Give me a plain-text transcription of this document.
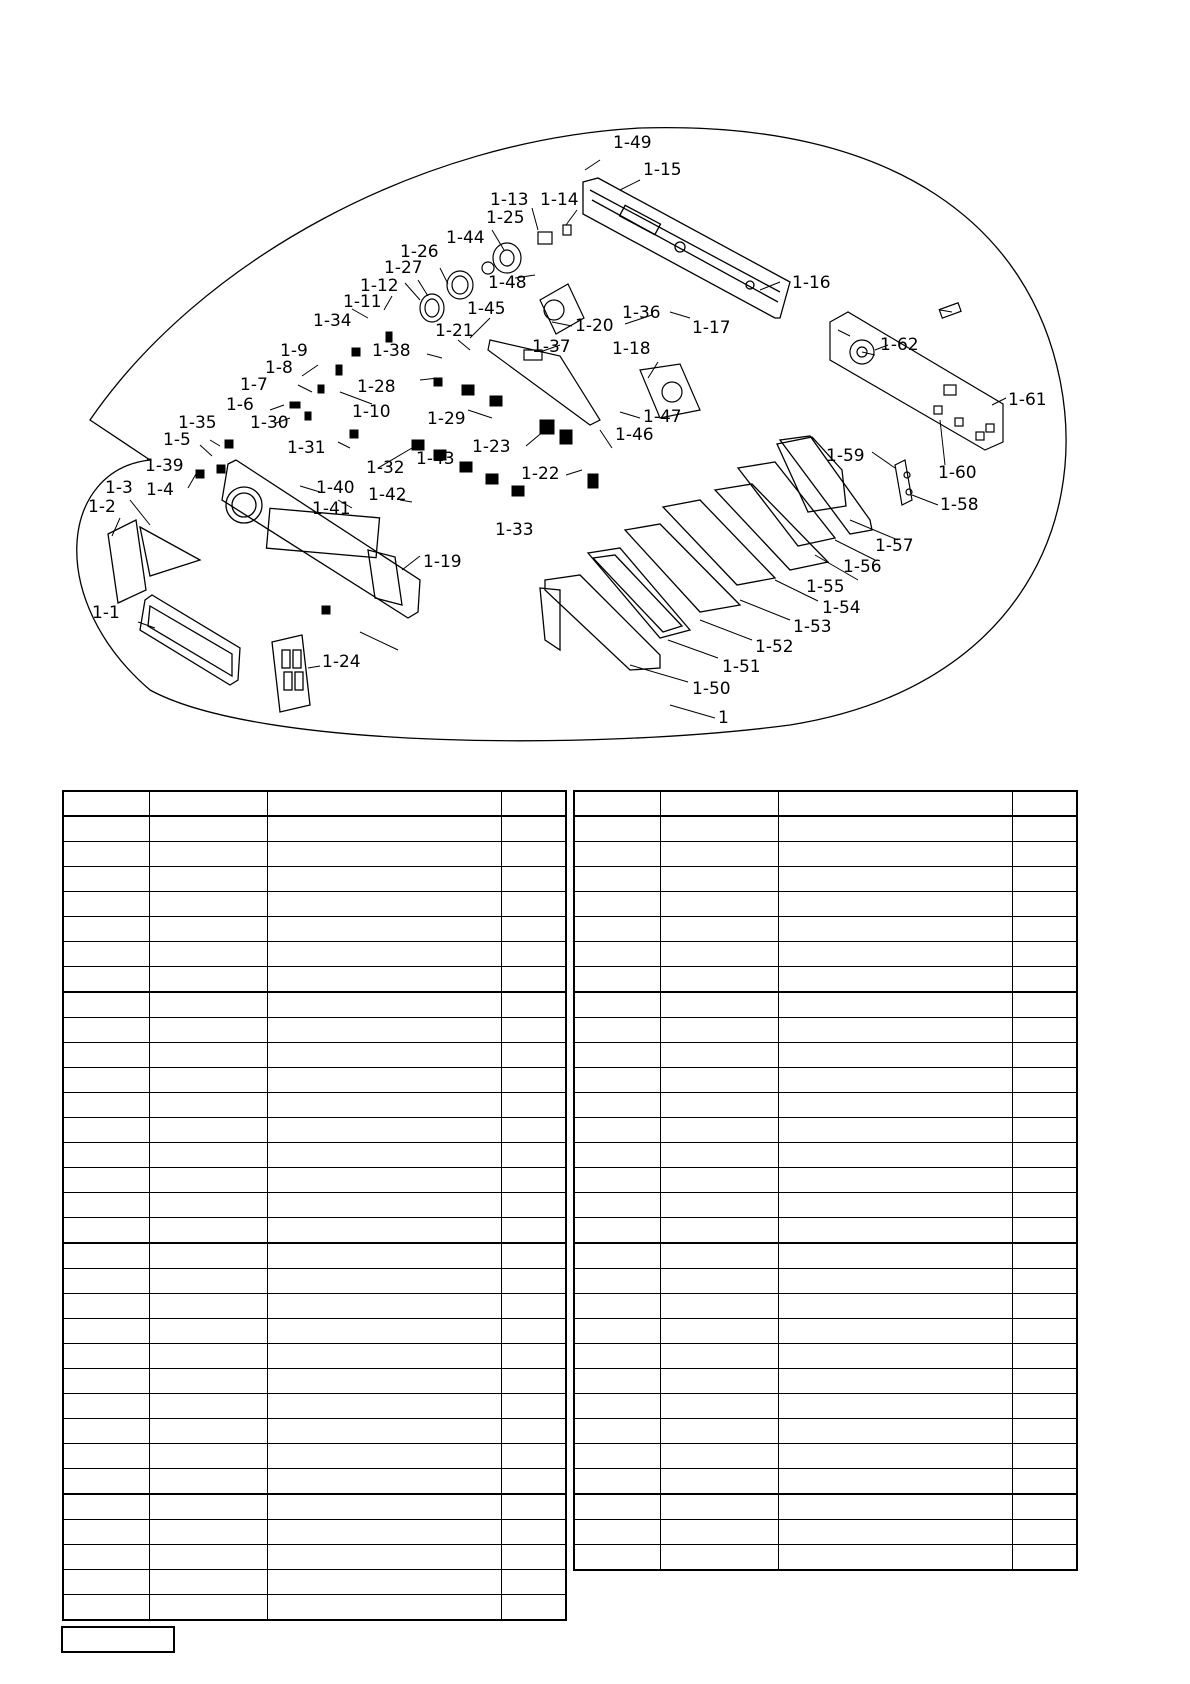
1
1-1
1-2
1-3 1-4
1-5
1-6
1-7
1-8
1-9
1-10
1-11
1-12
1-13 1-14
1-15
1-16
1-17
1-18
1-19
1-20
1-21
1-22
1-23
1-24
1-25
1-26
1-27
1-28
1-29
1-30
1-31
1-32
1-33
1-34
1-35
1-36
1-37
1-38
1-39
1-40
1-41
1-42
1-43
1-44
1-45
1-46
1-47
1-48
1-49
1-50
1-51
1-52
1-53
1-54
1-55
1-56
1-57
1-58
1-59
1-60
1-61
1-62
